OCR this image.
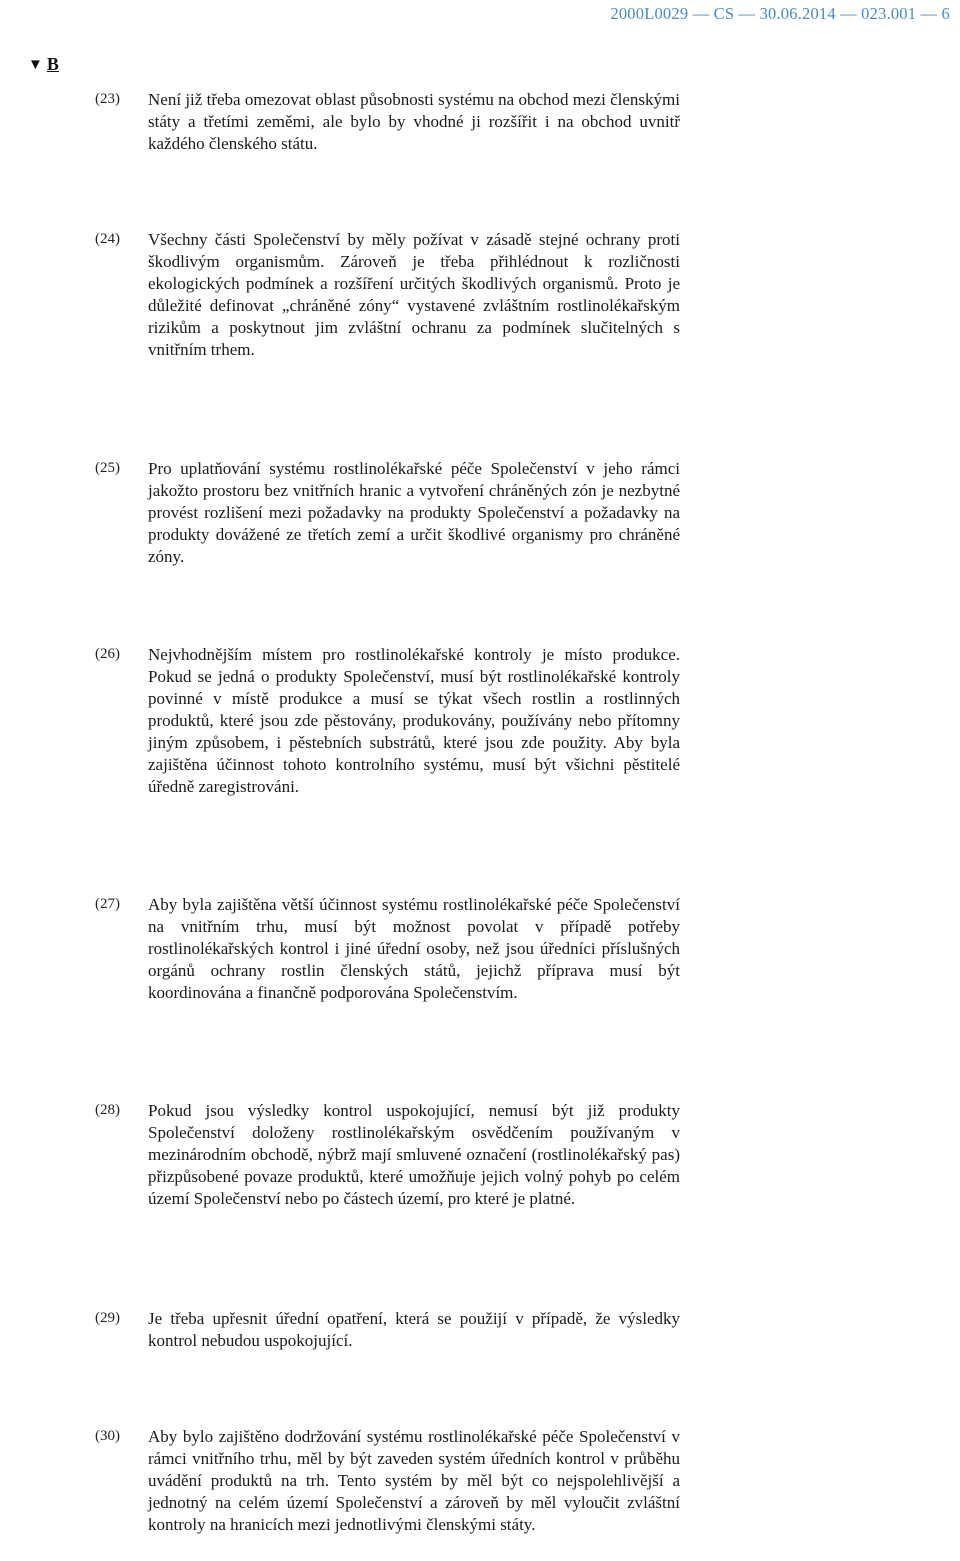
2000L0029 — CS — 30.06.2014 — 023.001 — 6
▼ B
(23) Není již třeba omezovat oblast působnosti systému na obchod mezi členskými státy a třetími zeměmi, ale bylo by vhodné ji rozšířit i na obchod uvnitř každého členského státu.
(24) Všechny části Společenství by měly požívat v zásadě stejné ochrany proti škodlivým organismům. Zároveň je třeba přihlédnout k rozličnosti ekologických podmínek a rozšíření určitých škodlivých organismů. Proto je důležité definovat „chráněné zóny“ vystavené zvláštním rostlinolékařským rizikům a poskytnout jim zvláštní ochranu za podmínek slučitelných s vnitřním trhem.
(25) Pro uplatňování systému rostlinolékařské péče Společenství v jeho rámci jakožto prostoru bez vnitřních hranic a vytvoření chráněných zón je nezbytné provést rozlišení mezi požadavky na produkty Společenství a požadavky na produkty dovážené ze třetích zemí a určit škodlivé organismy pro chráněné zóny.
(26) Nejvhodnějším místem pro rostlinolékařské kontroly je místo produkce. Pokud se jedná o produkty Společenství, musí být rostlinolékařské kontroly povinné v místě produkce a musí se týkat všech rostlin a rostlinných produktů, které jsou zde pěstovány, produkovány, používány nebo přítomny jiným způsobem, i pěstebních substrátů, které jsou zde použity. Aby byla zajištěna účinnost tohoto kontrolního systému, musí být všichni pěstitelé úředně zaregistrováni.
(27) Aby byla zajištěna větší účinnost systému rostlinolékařské péče Společenství na vnitřním trhu, musí být možnost povolat v případě potřeby rostlinolékařských kontrol i jiné úřední osoby, než jsou úředníci příslušných orgánů ochrany rostlin členských států, jejichž příprava musí být koordinována a finančně podporována Společenstvím.
(28) Pokud jsou výsledky kontrol uspokojující, nemusí být již produkty Společenství doloženy rostlinolékařským osvědčením používaným v mezinárodním obchodě, nýbrž mají smluvené označení (rostlinolékařský pas) přizpůsobené povaze produktů, které umožňuje jejich volný pohyb po celém území Společenství nebo po částech území, pro které je platné.
(29) Je třeba upřesnit úřední opatření, která se použijí v případě, že výsledky kontrol nebudou uspokojující.
(30) Aby bylo zajištěno dodržování systému rostlinolékařské péče Společenství v rámci vnitřního trhu, měl by být zaveden systém úředních kontrol v průběhu uvádění produktů na trh. Tento systém by měl být co nejspolehlivější a jednotný na celém území Společenství a zároveň by měl vyloučit zvláštní kontroly na hranicích mezi jednotlivými členskými státy.
